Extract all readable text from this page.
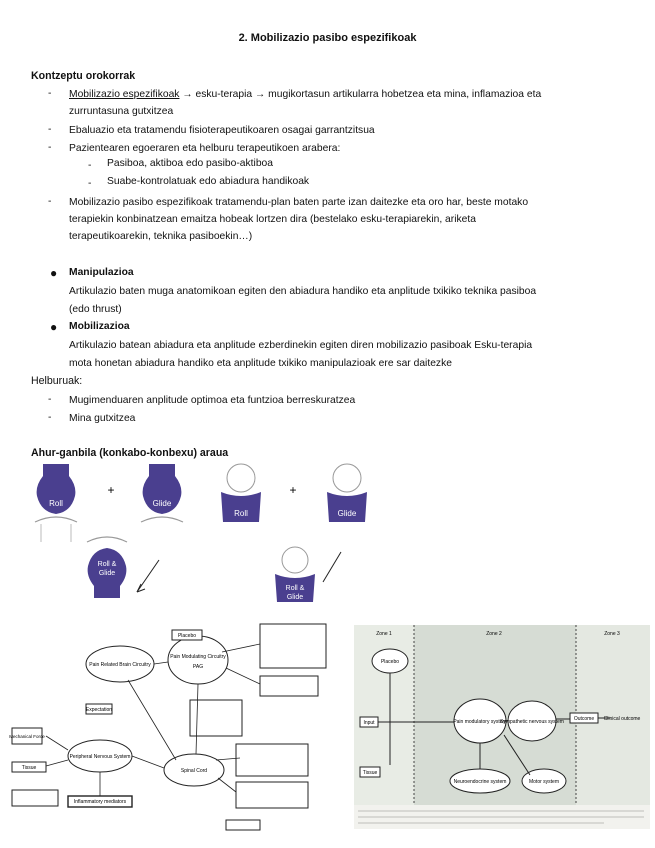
2. Mobilizazio pasibo espezifikoak
Kontzeptu orokorrak
- Mobilizazio espezifikoak → esku-terapia → mugikortasun artikularra hobetzea eta mina, inflamazioa eta
zurruntasuna gutxitzea
- Ebaluazio eta tratamendu fisioterapeutikoaren osagai garrantzitsua
- Pazientearen egoeraren eta helburu terapeutikoen arabera:
- Pasiboa, aktiboa edo pasibo-aktiboa
- Suabe-kontrolatuak edo abiadura handikoak
- Mobilizazio pasibo espezifikoak tratamendu-plan baten parte izan daitezke eta oro har, beste motako
terapiekin konbinatzean emaitza hobeak lortzen dira (bestelako esku-terapiarekin, ariketa
terapeutikoarekin, teknika pasiboekin…)
● Manipulazioa
Artikulazio baten muga anatomikoan egiten den abiadura handiko eta anplitude txikiko teknika pasiboa
(edo thrust)
● Mobilizazioa
Artikulazio batean abiadura eta anplitude ezberdinekin egiten diren mobilizazio pasiboak Esku-terapia
mota honetan abiadura handiko eta anplitude txikiko manipulazioak ere sar daitezke
Helburuak:
- Mugimenduaren anplitude optimoa eta funtzioa berreskuratzea
- Mina gutxitzea
Ahur-ganbila (konkabo-konbexu) araua
Roll
+
Glide
Roll &
Glide
Roll
+
Glide
Roll &
Glide
Pain Related Brain Circuitry
Pain Modulating Circuitry
PAG
Spinal Cord
Peripheral Nervous System
Placebo
Expectation
Mechanical Force
Tissue
Inflammatory mediators
Zone 1	Zone 2	Zone 3
Placebo
Pain modulatory system
Sympathetic nervous system
Neuroendocrine system	Motor system
Outcome Clinical outcome
Input
Tissue
